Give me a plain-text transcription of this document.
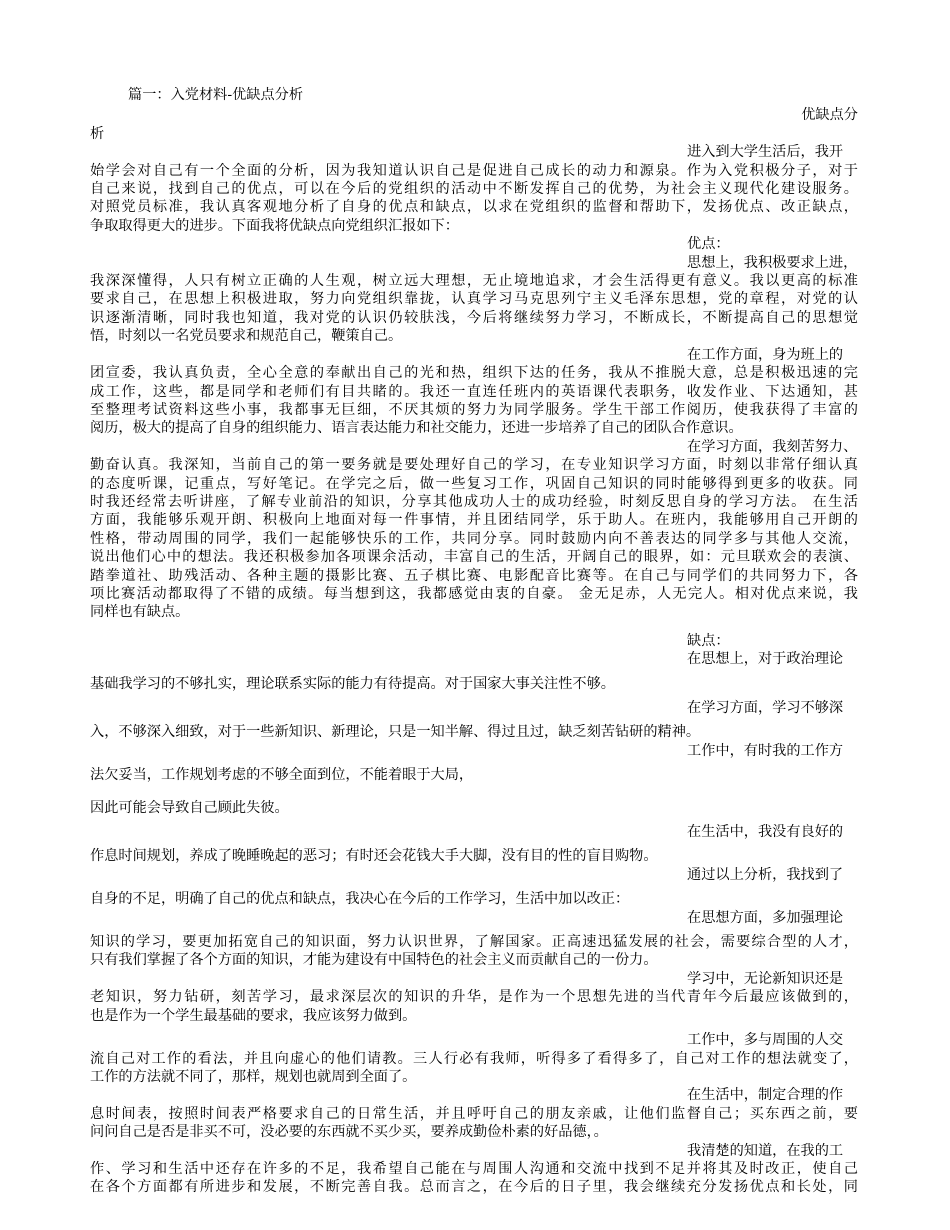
篇一：入党材料-优缺点分析
优缺点分
析
进入到大学生活后，我开
始学会对自己有一个全面的分析，因为我知道认识自己是促进自己成长的动力和源泉。作为入党积极分子，对于
自己来说，找到自己的优点，可以在今后的党组织的活动中不断发挥自己的优势，为社会主义现代化建设服务。
对照党员标准，我认真客观地分析了自身的优点和缺点，以求在党组织的监督和帮助下，发扬优点、改正缺点，
争取取得更大的进步。下面我将优缺点向党组织汇报如下：
优点：
思想上，我积极要求上进，
我深深懂得，人只有树立正确的人生观，树立远大理想，无止境地追求，才会生活得更有意义。我以更高的标准
要求自己，在思想上积极进取，努力向党组织靠拢，认真学习马克思列宁主义毛泽东思想，党的章程，对党的认
识逐渐清晰，同时我也知道，我对党的认识仍较肤浅，今后将继续努力学习，不断成长，不断提高自己的思想觉
悟，时刻以一名党员要求和规范自己，鞭策自己。
在工作方面，身为班上的
团宣委，我认真负责，全心全意的奉献出自己的光和热，组织下达的任务，我从不推脱大意，总是积极迅速的完
成工作，这些，都是同学和老师们有目共睹的。我还一直连任班内的英语课代表职务，收发作业、下达通知，甚
至整理考试资料这些小事，我都事无巨细，不厌其烦的努力为同学服务。学生干部工作阅历，使我获得了丰富的
阅历，极大的提高了自身的组织能力、语言表达能力和社交能力，还进一步培养了自己的团队合作意识。
在学习方面，我刻苦努力、
勤奋认真。我深知，当前自己的第一要务就是要处理好自己的学习，在专业知识学习方面，时刻以非常仔细认真
的态度听课，记重点，写好笔记。在学完之后，做一些复习工作，巩固自己知识的同时能够得到更多的收获。同
时我还经常去听讲座，了解专业前沿的知识，分享其他成功人士的成功经验，时刻反思自身的学习方法。 在生活
方面，我能够乐观开朗、积极向上地面对每一件事情，并且团结同学，乐于助人。在班内，我能够用自己开朗的
性格，带动周围的同学，我们一起能够快乐的工作，共同分享。同时鼓励内向不善表达的同学多与其他人交流，
说出他们心中的想法。我还积极参加各项课余活动，丰富自己的生活，开阔自己的眼界，如：元旦联欢会的表演、
踏拳道社、助残活动、各种主题的摄影比赛、五子棋比赛、电影配音比赛等。在自己与同学们的共同努力下，各
项比赛活动都取得了不错的成绩。每当想到这，我都感觉由衷的自豪。 金无足赤，人无完人。相对优点来说，我
同样也有缺点。
缺点：
在思想上，对于政治理论
基础我学习的不够扎实，理论联系实际的能力有待提高。对于国家大事关注性不够。
在学习方面，学习不够深
入，不够深入细致，对于一些新知识、新理论，只是一知半解、得过且过，缺乏刻苦钻研的精神。
工作中，有时我的工作方
法欠妥当，工作规划考虑的不够全面到位，不能着眼于大局，
因此可能会导致自己顾此失彼。
在生活中，我没有良好的
作息时间规划，养成了晚睡晚起的恶习；有时还会花钱大手大脚，没有目的性的盲目购物。
通过以上分析，我找到了
自身的不足，明确了自己的优点和缺点，我决心在今后的工作学习，生活中加以改正：
在思想方面，多加强理论
知识的学习，要更加拓宽自己的知识面，努力认识世界，了解国家。正高速迅猛发展的社会，需要综合型的人才，
只有我们掌握了各个方面的知识，才能为建设有中国特色的社会主义而贡献自己的一份力。
学习中，无论新知识还是
老知识，努力钻研，刻苦学习，最求深层次的知识的升华，是作为一个思想先进的当代青年今后最应该做到的，
也是作为一个学生最基础的要求，我应该努力做到。
工作中，多与周围的人交
流自己对工作的看法，并且向虚心的他们请教。三人行必有我师，听得多了看得多了，自己对工作的想法就变了，
工作的方法就不同了，那样，规划也就周到全面了。
在生活中，制定合理的作
息时间表，按照时间表严格要求自己的日常生活，并且呼吁自己的朋友亲戚，让他们监督自己；买东西之前，要
问问自己是否是非买不可，没必要的东西就不买少买，要养成勤俭朴素的好品德，。
我清楚的知道，在我的工
作、学习和生活中还存在许多的不足，我希望自己能在与周围人沟通和交流中找到不足并将其及时改正，使自己
在各个方面都有所进步和发展，不断完善自我。总而言之，在今后的日子里，我会继续充分发扬优点和长处，同
